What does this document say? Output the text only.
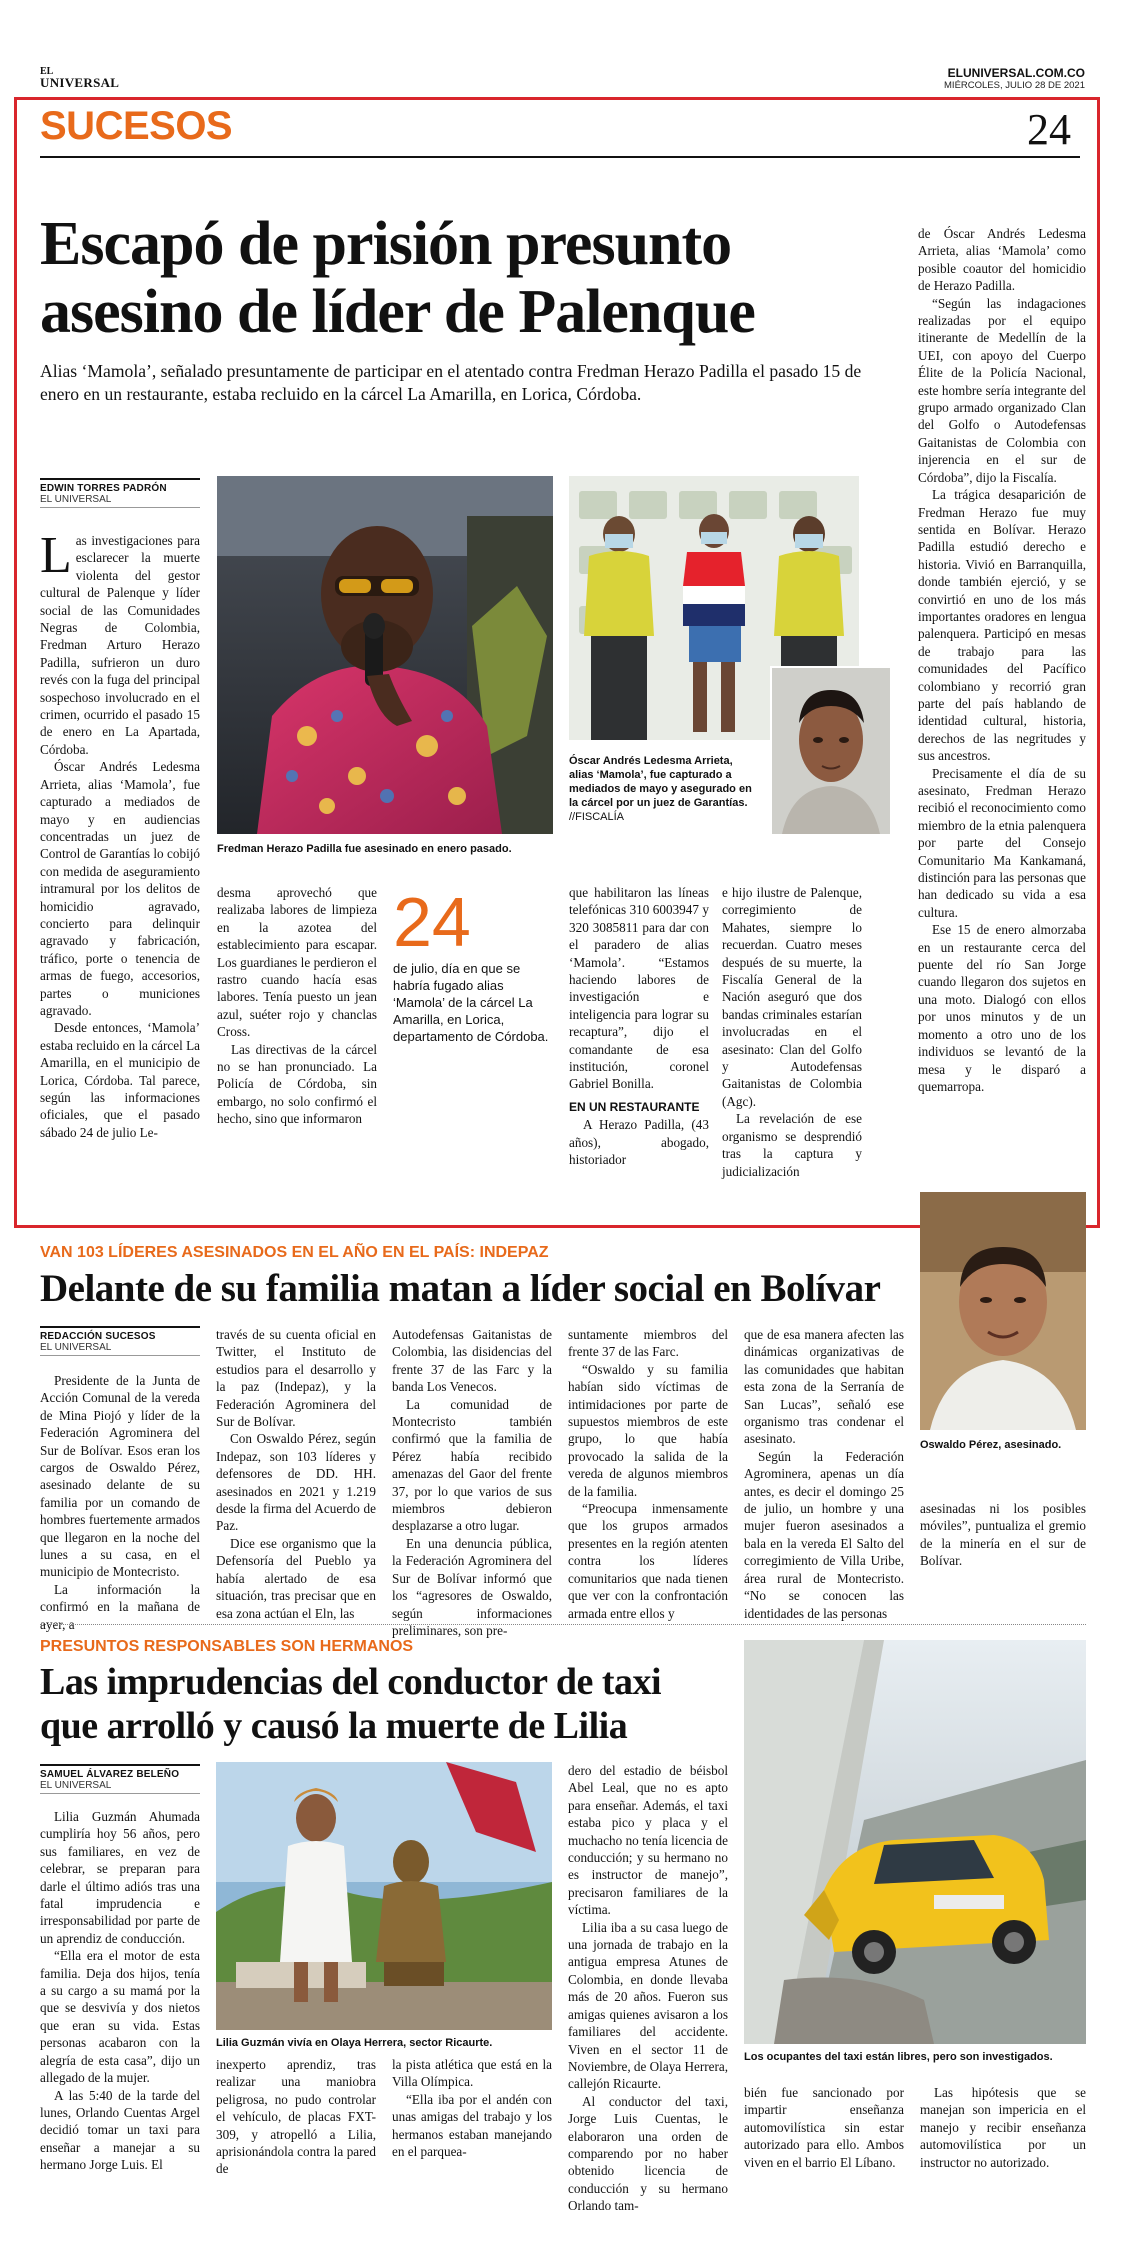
EL
UNIVERSAL
ELUNIVERSAL.COM.CO
MIÉRCOLES, JULIO 28 DE 2021
SUCESOS	24
Escapó de prisión presunto
asesino de líder de Palenque
Alias ‘Mamola’, señalado presuntamente de participar en el atentado contra Fredman Herazo Padilla el pasado 15 de enero en un restaurante, estaba recluido en la cárcel La Amarilla, en Lorica, Córdoba.
EDWIN TORRES PADRÓN
EL UNIVERSAL

Las investigaciones para esclarecer la muerte violenta del gestor cultural de Palenque y líder social de las Comunidades Negras de Colombia, Fredman Arturo Herazo Padilla, sufrieron un duro revés con la fuga del principal sospechoso involucrado en el crimen, ocurrido el pasado 15 de enero en La Apartada, Córdoba.

Óscar Andrés Ledesma Arrieta, alias ‘Mamola’, fue capturado a mediados de mayo y en audiencias concentradas un juez de Control de Garantías lo cobijó con medida de aseguramiento intramural por los delitos de homicidio agravado, concierto para delinquir agravado y fabricación, tráfico, porte o tenencia de armas de fuego, accesorios, partes o municiones agravado.

Desde entonces, ‘Mamola’ estaba recluido en la cárcel La Amarilla, en el municipio de Lorica, Córdoba. Tal parece, según las informaciones oficiales, que el pasado sábado 24 de julio Le-

Fredman Herazo Padilla fue asesinado en enero pasado.
Óscar Andrés Ledesma Arrieta, alias ‘Mamola’, fue capturado a mediados de mayo y asegurado en la cárcel por un juez de Garantías. //FISCALÍA

desma aprovechó que realizaba labores de limpieza en la azotea del establecimiento para escapar. Los guardianes le perdieron el rastro cuando hacía esas labores. Tenía puesto un jean azul, suéter rojo y chanclas Cross.

Las directivas de la cárcel no se han pronunciado. La Policía de Córdoba, sin embargo, no solo confirmó el hecho, sino que informaron

24
de julio, día en que se habría fugado alias ‘Mamola’ de la cárcel La Amarilla, en Lorica, departamento de Córdoba.

que habilitaron las líneas telefónicas 310 6003947 y 320 3085811 para dar con el paradero de alias ‘Mamola’. “Estamos haciendo labores de investigación e inteligencia para lograr su recaptura”, dijo el comandante de esa institución, coronel Gabriel Bonilla.

EN UN RESTAURANTE

A Herazo Padilla, (43 años), abogado, historiador

e hijo ilustre de Palenque, corregimiento de Mahates, siempre lo recuerdan. Cuatro meses después de su muerte, la Fiscalía General de la Nación aseguró que dos bandas criminales estarían involucradas en el asesinato: Clan del Golfo y Autodefensas Gaitanistas de Colombia (Agc).

La revelación de ese organismo se desprendió tras la captura y judicialización

de Óscar Andrés Ledesma Arrieta, alias ‘Mamola’ como posible coautor del homicidio de Herazo Padilla.

“Según las indagaciones realizadas por el equipo itinerante de Medellín de la UEI, con apoyo del Cuerpo Élite de la Policía Nacional, este hombre sería integrante del grupo armado organizado Clan del Golfo o Autodefensas Gaitanistas de Colombia con injerencia en el sur de Córdoba”, dijo la Fiscalía.

La trágica desaparición de Fredman Herazo fue muy sentida en Bolívar. Herazo Padilla estudió derecho e historia. Vivió en Barranquilla, donde también ejerció, y se convirtió en uno de los más importantes oradores en lengua palenquera. Participó en mesas de trabajo para las comunidades del Pacífico colombiano y recorrió gran parte del país hablando de identidad cultural, historia, derechos de las negritudes y sus ancestros.

Precisamente el día de su asesinato, Fredman Herazo recibió el reconocimiento como miembro de la etnia palenquera por parte del Consejo Comunitario Ma Kankamaná, distinción para las personas que han dedicado su vida a esa cultura.

Ese 15 de enero almorzaba en un restaurante cerca del puente del río San Jorge cuando llegaron dos sujetos en una moto. Dialogó con ellos por unos minutos y de un momento a otro uno de los individuos se levantó de la mesa y le disparó a quemarropa.

VAN 103 LÍDERES ASESINADOS EN EL AÑO EN EL PAÍS: INDEPAZ
Delante de su familia matan a líder social en Bolívar
REDACCIÓN SUCESOS
EL UNIVERSAL

Presidente de la Junta de Acción Comunal de la vereda de Mina Piojó y líder de la Federación Agrominera del Sur de Bolívar. Esos eran los cargos de Oswaldo Pérez, asesinado delante de su familia por un comando de hombres fuertemente armados que llegaron en la noche del lunes a su casa, en el municipio de Montecristo.

La información la confirmó en la mañana de ayer, a

través de su cuenta oficial en Twitter, el Instituto de estudios para el desarrollo y la paz (Indepaz), y la Federación Agrominera del Sur de Bolívar.

Con Oswaldo Pérez, según Indepaz, son 103 líderes y defensores de DD. HH. asesinados en 2021 y 1.219 desde la firma del Acuerdo de Paz.

Dice ese organismo que la Defensoría del Pueblo ya había alertado de esa situación, tras precisar que en esa zona actúan el Eln, las

Autodefensas Gaitanistas de Colombia, las disidencias del frente 37 de las Farc y la banda Los Venecos.

La comunidad de Montecristo también confirmó que la familia de Pérez había recibido amenazas del Gaor del frente 37, por lo que varios de sus miembros debieron desplazarse a otro lugar.

En una denuncia pública, la Federación Agrominera del Sur de Bolívar informó que los “agresores de Oswaldo, según informaciones preliminares, son pre-

suntamente miembros del frente 37 de las Farc.

“Oswaldo y su familia habían sido víctimas de intimidaciones por parte de supuestos miembros de este grupo, lo que había provocado la salida de la vereda de algunos miembros de la familia.

“Preocupa inmensamente que los grupos armados presentes en la región atenten contra los líderes comunitarios que nada tienen que ver con la confrontación armada entre ellos y

que de esa manera afecten las dinámicas organizativas de las comunidades que habitan esta zona de la Serranía de San Lucas”, señaló ese organismo tras condenar el asesinato.

Según la Federación Agrominera, apenas un día antes, es decir el domingo 25 de julio, un hombre y una mujer fueron asesinados a bala en la vereda El Salto del corregimiento de Villa Uribe, área rural de Montecristo. “No se conocen las identidades de las personas

Oswaldo Pérez, asesinado.

asesinadas ni los posibles móviles”, puntualiza el gremio de la minería en el sur de Bolívar.

PRESUNTOS RESPONSABLES SON HERMANOS
Las imprudencias del conductor de taxi
que arrolló y causó la muerte de Lilia
SAMUEL ÁLVAREZ BELEÑO
EL UNIVERSAL

Lilia Guzmán Ahumada cumpliría hoy 56 años, pero sus familiares, en vez de celebrar, se preparan para darle el último adiós tras una fatal imprudencia e irresponsabilidad por parte de un aprendiz de conducción.

“Ella era el motor de esta familia. Deja dos hijos, tenía a su cargo a su mamá por la que se desvivía y dos nietos que eran su vida. Estas personas acabaron con la alegría de esta casa”, dijo un allegado de la mujer.

A las 5:40 de la tarde del lunes, Orlando Cuentas Argel decidió tomar un taxi para enseñar a manejar a su hermano Jorge Luis. El

Lilia Guzmán vivía en Olaya Herrera, sector Ricaurte.

inexperto aprendiz, tras realizar una maniobra peligrosa, no pudo controlar el vehículo, de placas FXT-309, y atropelló a Lilia, aprisionándola contra la pared de

la pista atlética que está en la Villa Olímpica.

“Ella iba por el andén con unas amigas del trabajo y los hermanos estaban manejando en el parquea-

dero del estadio de béisbol Abel Leal, que no es apto para enseñar. Además, el taxi estaba pico y placa y el muchacho no tenía licencia de conducción; y su hermano no es instructor de manejo”, precisaron familiares de la víctima.

Lilia iba a su casa luego de una jornada de trabajo en la antigua empresa Atunes de Colombia, en donde llevaba más de 20 años. Fueron sus amigas quienes avisaron a los familiares del accidente. Viven en el sector 11 de Noviembre, de Olaya Herrera, callejón Ricaurte.

Al conductor del taxi, Jorge Luis Cuentas, le elaboraron una orden de comparendo por no haber obtenido licencia de conducción y su hermano Orlando tam-

Los ocupantes del taxi están libres, pero son investigados.

bién fue sancionado por impartir enseñanza automovilística sin estar autorizado para ello. Ambos viven en el barrio El Líbano.

Las hipótesis que se manejan son impericia en el manejo y recibir enseñanza automovilística por un instructor no autorizado.
